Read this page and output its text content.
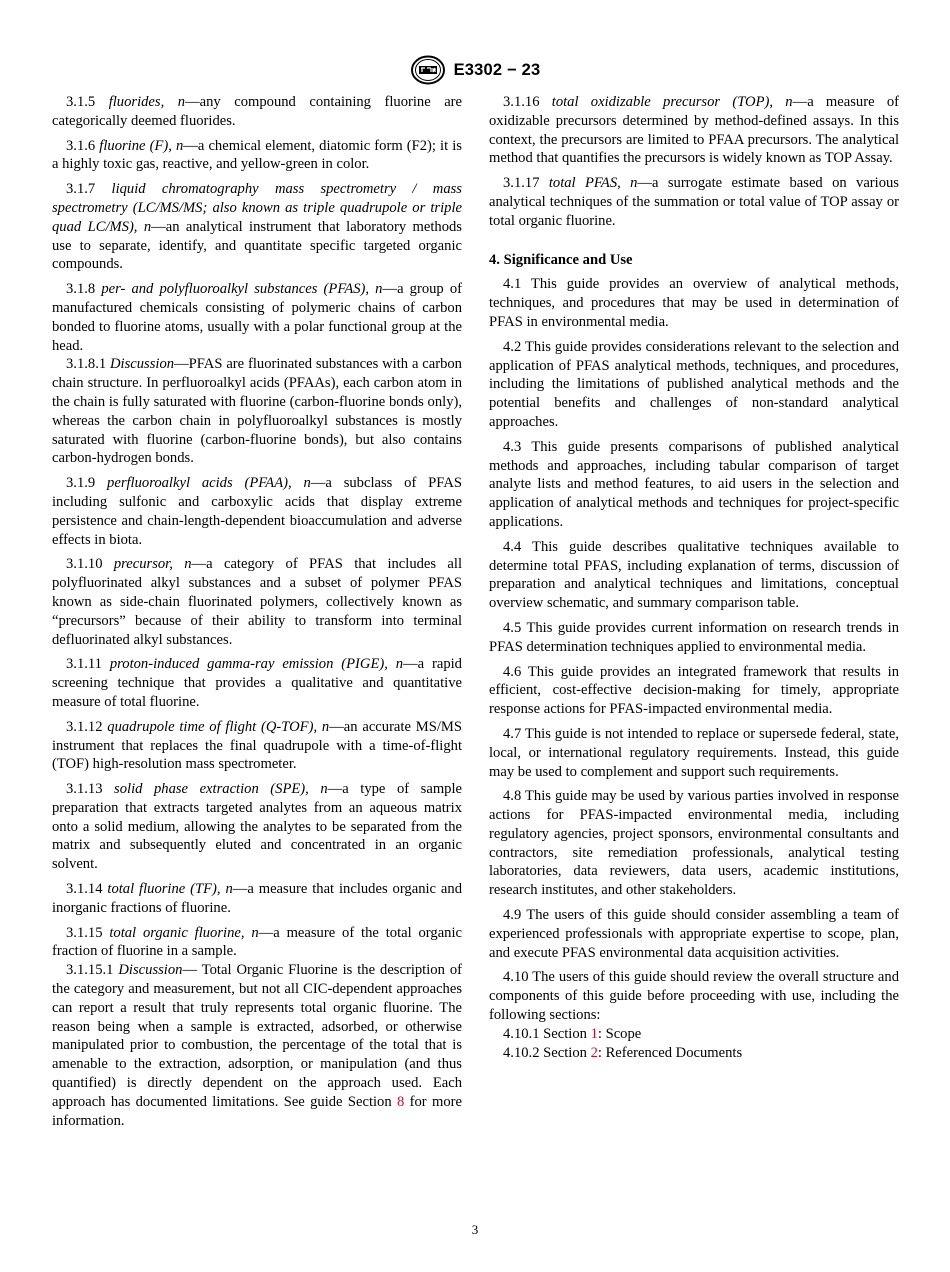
E3302 − 23

3.1.5 fluorides, n—any compound containing fluorine are categorically deemed fluorides.

3.1.6 fluorine (F), n—a chemical element, diatomic form (F2); it is a highly toxic gas, reactive, and yellow-green in color.

3.1.7 liquid chromatography mass spectrometry / mass spectrometry (LC/MS/MS; also known as triple quadrupole or triple quad LC/MS), n—an analytical instrument that laboratory methods use to separate, identify, and quantitate specific targeted organic compounds.

3.1.8 per- and polyfluoroalkyl substances (PFAS), n—a group of manufactured chemicals consisting of polymeric chains of carbon bonded to fluorine atoms, usually with a polar functional group at the head.

3.1.8.1 Discussion—PFAS are fluorinated substances with a carbon chain structure. In perfluoroalkyl acids (PFAAs), each carbon atom in the chain is fully saturated with fluorine (carbon-fluorine bonds only), whereas the carbon chain in polyfluoroalkyl substances is mostly saturated with fluorine (carbon-fluorine bonds), but also contains carbon-hydrogen bonds.

3.1.9 perfluoroalkyl acids (PFAA), n—a subclass of PFAS including sulfonic and carboxylic acids that display extreme persistence and chain-length-dependent bioaccumulation and adverse effects in biota.

3.1.10 precursor, n—a category of PFAS that includes all polyfluorinated alkyl substances and a subset of polymer PFAS known as side-chain fluorinated polymers, collectively known as “precursors” because of their ability to transform into terminal defluorinated alkyl substances.

3.1.11 proton-induced gamma-ray emission (PIGE), n—a rapid screening technique that provides a qualitative and quantitative measure of total fluorine.

3.1.12 quadrupole time of flight (Q-TOF), n—an accurate MS/MS instrument that replaces the final quadrupole with a time-of-flight (TOF) high-resolution mass spectrometer.

3.1.13 solid phase extraction (SPE), n—a type of sample preparation that extracts targeted analytes from an aqueous matrix onto a solid medium, allowing the analytes to be separated from the matrix and subsequently eluted and concentrated in an organic solvent.

3.1.14 total fluorine (TF), n—a measure that includes organic and inorganic fractions of fluorine.

3.1.15 total organic fluorine, n—a measure of the total organic fraction of fluorine in a sample.

3.1.15.1 Discussion— Total Organic Fluorine is the description of the category and measurement, but not all CIC-dependent approaches can report a result that truly represents total organic fluorine. The reason being when a sample is extracted, adsorbed, or otherwise manipulated prior to combustion, the percentage of the total that is amenable to the extraction, adsorption, or manipulation (and thus quantified) is directly dependent on the approach used. Each approach has documented limitations. See guide Section 8 for more information.

3.1.16 total oxidizable precursor (TOP), n—a measure of oxidizable precursors determined by method-defined assays. In this context, the precursors are limited to PFAA precursors. The analytical method that quantifies the precursors is widely known as TOP Assay.

3.1.17 total PFAS, n—a surrogate estimate based on various analytical techniques of the summation or total value of TOP assay or total organic fluorine.

4. Significance and Use

4.1 This guide provides an overview of analytical methods, techniques, and procedures that may be used in determination of PFAS in environmental media.

4.2 This guide provides considerations relevant to the selection and application of PFAS analytical methods, techniques, and procedures, including the limitations of published analytical methods and the potential benefits and challenges of non-standard analytical approaches.

4.3 This guide presents comparisons of published analytical methods and approaches, including tabular comparison of target analyte lists and method features, to aid users in the selection and application of analytical methods and techniques for project-specific applications.

4.4 This guide describes qualitative techniques available to determine total PFAS, including explanation of terms, discussion of preparation and analytical techniques and limitations, conceptual overview schematic, and summary comparison table.

4.5 This guide provides current information on research trends in PFAS determination techniques applied to environmental media.

4.6 This guide provides an integrated framework that results in efficient, cost-effective decision-making for timely, appropriate response actions for PFAS-impacted environmental media.

4.7 This guide is not intended to replace or supersede federal, state, local, or international regulatory requirements. Instead, this guide may be used to complement and support such requirements.

4.8 This guide may be used by various parties involved in response actions for PFAS-impacted environmental media, including regulatory agencies, project sponsors, environmental consultants and contractors, site remediation professionals, analytical testing laboratories, data reviewers, data users, academic institutions, research institutes, and other stakeholders.

4.9 The users of this guide should consider assembling a team of experienced professionals with appropriate expertise to scope, plan, and execute PFAS environmental data acquisition activities.

4.10 The users of this guide should review the overall structure and components of this guide before proceeding with use, including the following sections:

4.10.1 Section 1: Scope

4.10.2 Section 2: Referenced Documents

3
